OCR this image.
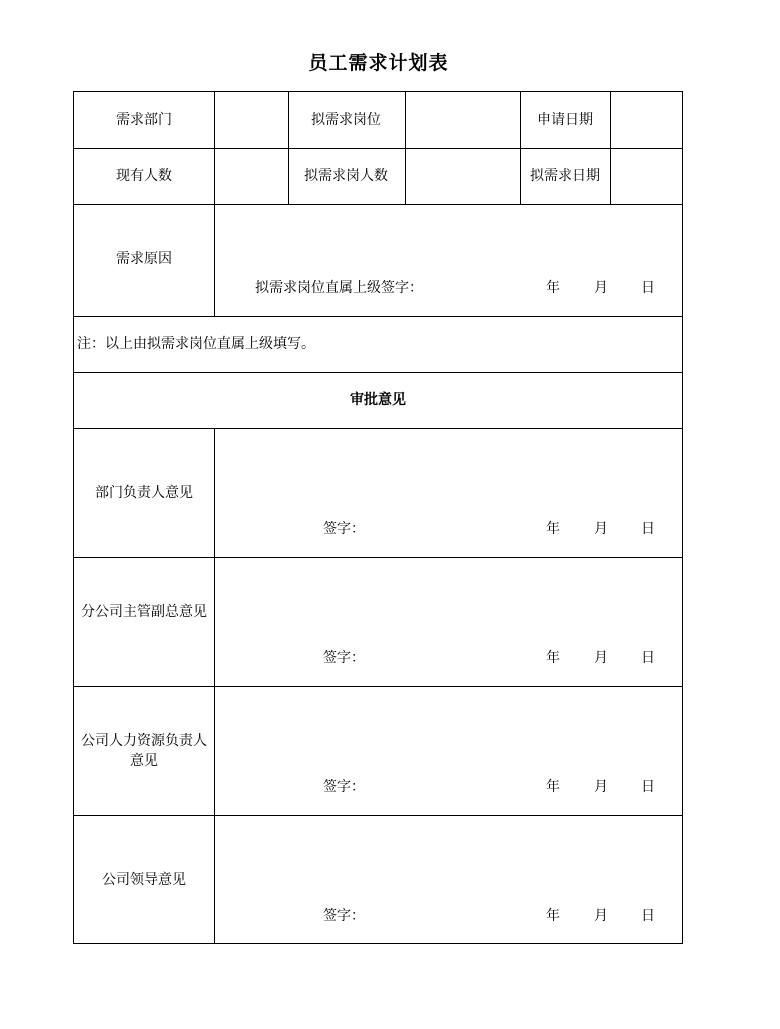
员工需求计划表
需求部门	拟需求岗位	申请日期
现有人数	拟需求岗人数	拟需求日期
需求原因
拟需求岗位直属上级签字：	年 月 日
注：以上由拟需求岗位直属上级填写。
审批意见
部门负责人意见
签字：	年 月 日
分公司主管副总意见
签字：	年 月 日
公司人力资源负责人意见
签字：	年 月 日
公司领导意见
签字：	年 月 日
